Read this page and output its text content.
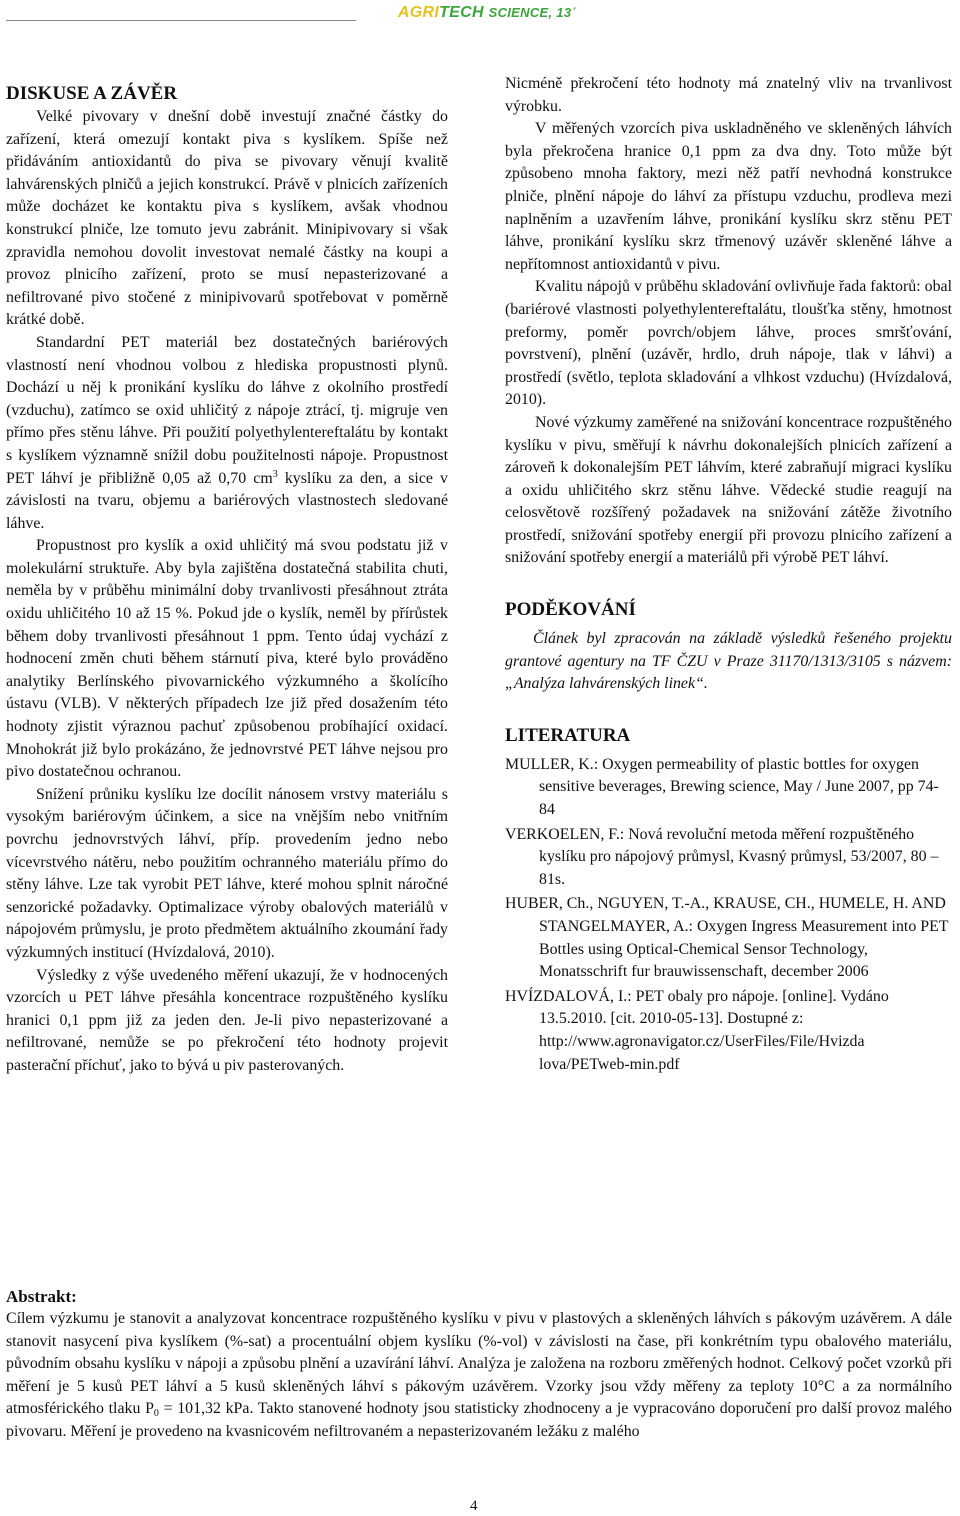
AGRITECH SCIENCE, 13´
DISKUSE A ZÁVĚR

Velké pivovary v dnešní době investují značné částky do zařízení, která omezují kontakt piva s kyslíkem. Spíše než přidáváním antioxidantů do piva se pivovary věnují kvalitě lahvárenských plničů a jejich konstrukcí. Právě v plnicích zařízeních může docházet ke kontaktu piva s kyslíkem, avšak vhodnou konstrukcí plniče, lze tomuto jevu zabránit. Minipivovary si však zpravidla nemohou dovolit investovat nemalé částky na koupi a provoz plnicího zařízení, proto se musí nepasterizované a nefiltrované pivo stočené z minipivovarů spotřebovat v poměrně krátké době.

Standardní PET materiál bez dostatečných bariérových vlastností není vhodnou volbou z hlediska propustnosti plynů. Dochází u něj k pronikání kyslíku do láhve z okolního prostředí (vzduchu), zatímco se oxid uhličitý z nápoje ztrácí, tj. migruje ven přímo přes stěnu láhve. Při použití polyethylentereftalátu by kontakt s kyslíkem významně snížil dobu použitelnosti nápoje. Propustnost PET láhví je přibližně 0,05 až 0,70 $cm^3$ kyslíku za den, a sice v závislosti na tvaru, objemu a bariérových vlastnostech sledované láhve.

Propustnost pro kyslík a oxid uhličitý má svou podstatu již v molekulární struktuře. Aby byla zajištěna dostatečná stabilita chuti, neměla by v průběhu minimální doby trvanlivosti přesáhnout ztráta oxidu uhličitého 10 až 15 %. Pokud jde o kyslík, neměl by přírůstek během doby trvanlivosti přesáhnout 1 ppm. Tento údaj vychází z hodnocení změn chuti během stárnutí piva, které bylo prováděno analytiky Berlínského pivovarnického výzkumného a školícího ústavu (VLB). V některých případech lze již před dosažením této hodnoty zjistit výraznou pachuť způsobenou probíhající oxidací. Mnohokrát již bylo prokázáno, že jednovrstvé PET láhve nejsou pro pivo dostatečnou ochranou.

Snížení průniku kyslíku lze docílit nánosem vrstvy materiálu s vysokým bariérovým účinkem, a sice na vnějším nebo vnitřním povrchu jednovrstvých láhví, příp. provedením jedno nebo vícevrstvého nátěru, nebo použitím ochranného materiálu přímo do stěny láhve. Lze tak vyrobit PET láhve, které mohou splnit náročné senzorické požadavky. Optimalizace výroby obalových materiálů v nápojovém průmyslu, je proto předmětem aktuálního zkoumání řady výzkumných institucí (Hvízdalová, 2010).

Výsledky z výše uvedeného měření ukazují, že v hodnocených vzorcích u PET láhve přesáhla koncentrace rozpuštěného kyslíku hranici 0,1 ppm již za jeden den. Je-li pivo nepasterizované a nefiltrované, nemůže se po překročení této hodnoty projevit pasterační příchuť, jako to bývá u piv pasterovaných.

Nicméně překročení této hodnoty má znatelný vliv na trvanlivost výrobku.

V měřených vzorcích piva uskladněného ve skleněných láhvích byla překročena hranice 0,1 ppm za dva dny. Toto může být způsobeno mnoha faktory, mezi něž patří nevhodná konstrukce plniče, plnění nápoje do láhví za přístupu vzduchu, prodleva mezi naplněním a uzavřením láhve, pronikání kyslíku skrz stěnu PET láhve, pronikání kyslíku skrz třmenový uzávěr skleněné láhve a nepřítomnost antioxidantů v pivu.

Kvalitu nápojů v průběhu skladování ovlivňuje řada faktorů: obal (bariérové vlastnosti polyethylentereftalátu, tloušťka stěny, hmotnost preformy, poměr povrch/objem láhve, proces smršťování, povrstvení), plnění (uzávěr, hrdlo, druh nápoje, tlak v láhvi) a prostředí (světlo, teplota skladování a vlhkost vzduchu) (Hvízdalová, 2010).

Nové výzkumy zaměřené na snižování koncentrace rozpuštěného kyslíku v pivu, směřují k návrhu dokonalejších plnicích zařízení a zároveň k dokonalejším PET láhvím, které zabraňují migraci kyslíku a oxidu uhličitého skrz stěnu láhve. Vědecké studie reagují na celosvětově rozšířený požadavek na snižování zátěže životního prostředí, snižování spotřeby energií při provozu plnicího zařízení a snižování spotřeby energií a materiálů při výrobě PET láhví.

PODĚKOVÁNÍ

Článek byl zpracován na základě výsledků řešeného projektu grantové agentury na TF ČZU v Praze 31170/1313/3105 s názvem: „Analýza lahvárenských linek“.

LITERATURA

MULLER, K.: Oxygen permeability of plastic bottles for oxygen sensitive beverages, Brewing science, May / June 2007, pp 74-84

VERKOELEN, F.: Nová revoluční metoda měření rozpuštěného kyslíku pro nápojový průmysl, Kvasný průmysl, 53/2007, 80 – 81s.

HUBER, Ch., NGUYEN, T.-A., KRAUSE, CH., HUMELE, H. AND STANGELMAYER, A.: Oxygen Ingress Measurement into PET Bottles using Optical-Chemical Sensor Technology, Monatsschrift fur brauwissenschaft, december 2006

HVÍZDALOVÁ, I.: PET obaly pro nápoje. [online]. Vydáno 13.5.2010. [cit. 2010-05-13]. Dostupné z: http://www.agronavigator.cz/UserFiles/File/Hvizda lova/PETweb-min.pdf

Abstrakt:

Cílem výzkumu je stanovit a analyzovat koncentrace rozpuštěného kyslíku v pivu v plastových a skleněných láhvích s pákovým uzávěrem. A dále stanovit nasycení piva kyslíkem (%-sat) a procentuální objem kyslíku (%-vol) v závislosti na čase, při konkrétním typu obalového materiálu, původním obsahu kyslíku v nápoji a způsobu plnění a uzavírání láhví. Analýza je založena na rozboru změřených hodnot. Celkový počet vzorků při měření je 5 kusů PET láhví a 5 kusů skleněných láhví s pákovým uzávěrem. Vzorky jsou vždy měřeny za teploty 10°C a za normálního atmosférického tlaku $P_0 = 101,32$ kPa. Takto stanovené hodnoty jsou statisticky zhodnoceny a je vypracováno doporučení pro další provoz malého pivovaru. Měření je provedeno na kvasnicovém nefiltrovaném a nepasterizovaném ležáku z malého

4
